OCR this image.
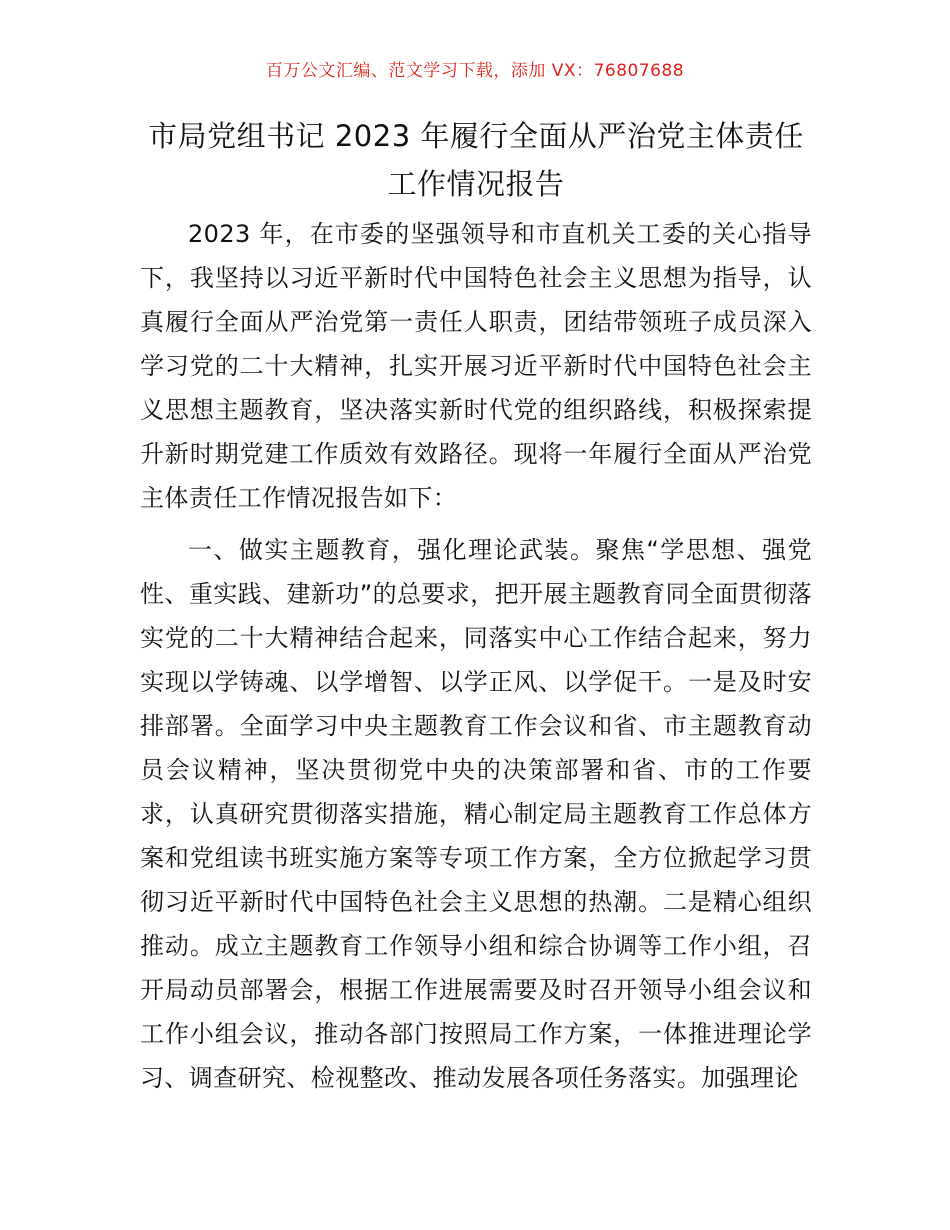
百万公文汇编、范文学习下载，添加 VX：76807688
市局党组书记 2023 年履行全面从严治党主体责任工作情况报告

2023 年，在市委的坚强领导和市直机关工委的关心指导下，我坚持以习近平新时代中国特色社会主义思想为指导，认真履行全面从严治党第一责任人职责，团结带领班子成员深入学习党的二十大精神，扎实开展习近平新时代中国特色社会主义思想主题教育，坚决落实新时代党的组织路线，积极探索提升新时期党建工作质效有效路径。现将一年履行全面从严治党主体责任工作情况报告如下：

一、做实主题教育，强化理论武装。聚焦“学思想、强党性、重实践、建新功”的总要求，把开展主题教育同全面贯彻落实党的二十大精神结合起来，同落实中心工作结合起来，努力实现以学铸魂、以学增智、以学正风、以学促干。一是及时安排部署。全面学习中央主题教育工作会议和省、市主题教育动员会议精神，坚决贯彻党中央的决策部署和省、市的工作要求，认真研究贯彻落实措施，精心制定局主题教育工作总体方案和党组读书班实施方案等专项工作方案，全方位掀起学习贯彻习近平新时代中国特色社会主义思想的热潮。二是精心组织推动。成立主题教育工作领导小组和综合协调等工作小组，召开局动员部署会，根据工作进展需要及时召开领导小组会议和工作小组会议，推动各部门按照局工作方案，一体推进理论学习、调查研究、检视整改、推动发展各项任务落实。加强理论
